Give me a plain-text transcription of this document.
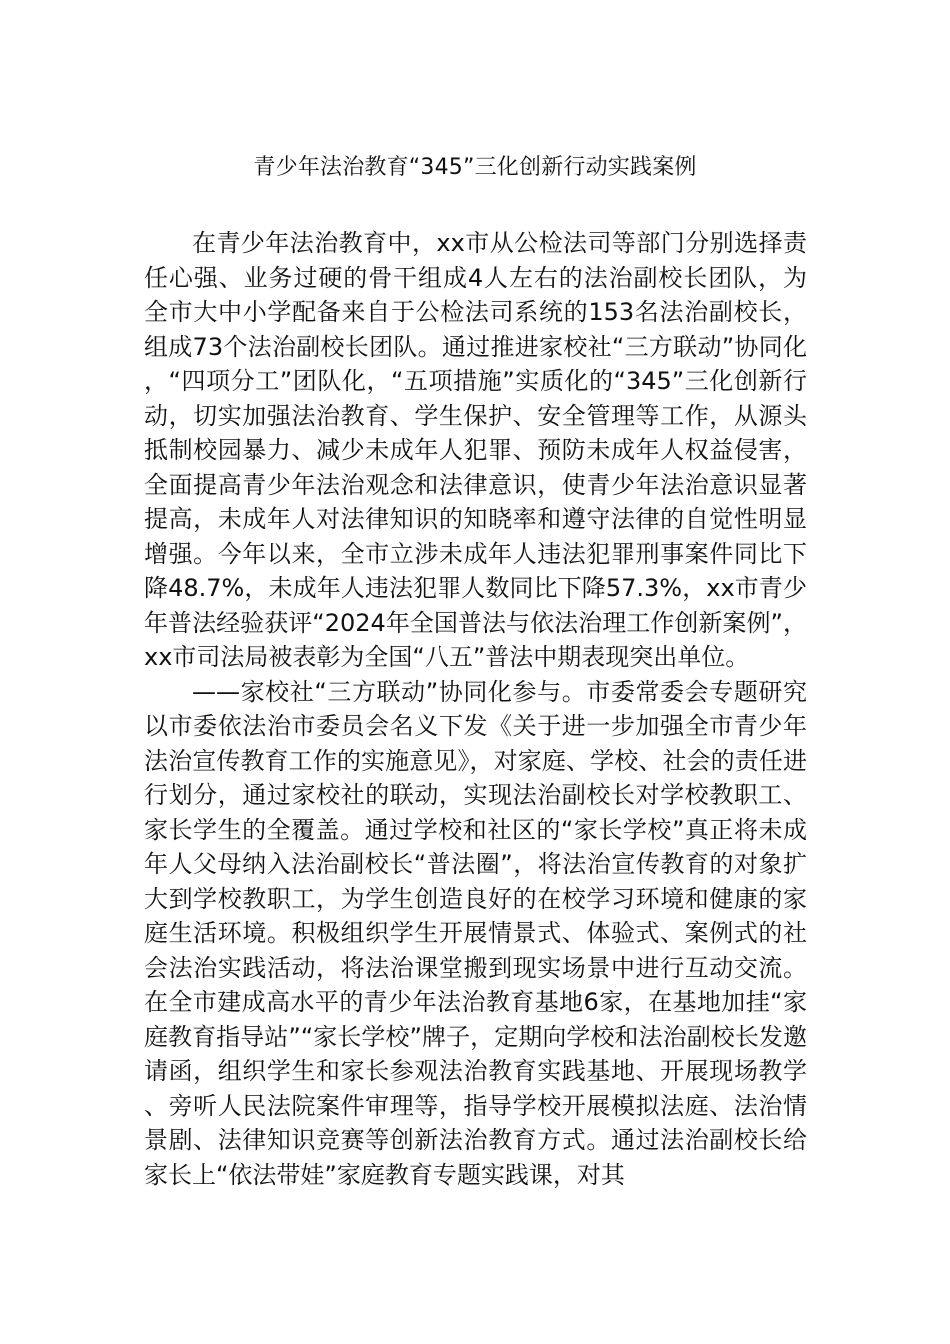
青少年法治教育“345”三化创新行动实践案例

在青少年法治教育中，xx市从公检法司等部门分别选择责任心强、业务过硬的骨干组成4人左右的法治副校长团队，为全市大中小学配备来自于公检法司系统的153名法治副校长，组成73个法治副校长团队。通过推进家校社“三方联动”协同化，“四项分工”团队化，“五项措施”实质化的“345”三化创新行动，切实加强法治教育、学生保护、安全管理等工作，从源头抵制校园暴力、减少未成年人犯罪、预防未成年人权益侵害，全面提高青少年法治观念和法律意识，使青少年法治意识显著提高，未成年人对法律知识的知晓率和遵守法律的自觉性明显增强。今年以来，全市立涉未成年人违法犯罪刑事案件同比下降48.7%，未成年人违法犯罪人数同比下降57.3%，xx市青少年普法经验获评“2024年全国普法与依法治理工作创新案例”，xx市司法局被表彰为全国“八五”普法中期表现突出单位。

——家校社“三方联动”协同化参与。市委常委会专题研究以市委依法治市委员会名义下发《关于进一步加强全市青少年法治宣传教育工作的实施意见》，对家庭、学校、社会的责任进行划分，通过家校社的联动，实现法治副校长对学校教职工、家长学生的全覆盖。通过学校和社区的“家长学校”真正将未成年人父母纳入法治副校长“普法圈”，将法治宣传教育的对象扩大到学校教职工，为学生创造良好的在校学习环境和健康的家庭生活环境。积极组织学生开展情景式、体验式、案例式的社会法治实践活动，将法治课堂搬到现实场景中进行互动交流。在全市建成高水平的青少年法治教育基地6家，在基地加挂“家庭教育指导站”“家长学校”牌子，定期向学校和法治副校长发邀请函，组织学生和家长参观法治教育实践基地、开展现场教学、旁听人民法院案件审理等，指导学校开展模拟法庭、法治情景剧、法律知识竞赛等创新法治教育方式。通过法治副校长给家长上“依法带娃”家庭教育专题实践课，对其
